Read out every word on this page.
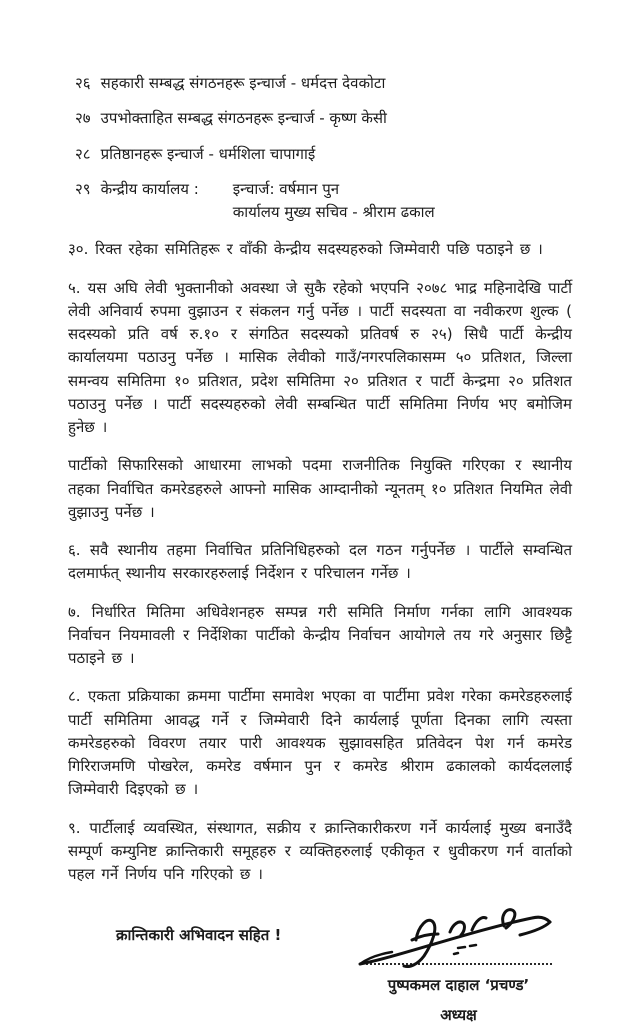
२६ सहकारी सम्बद्ध संगठनहरू इन्चार्ज - धर्मदत्त देवकोटा
२७ उपभोक्ताहित सम्बद्ध संगठनहरू इन्चार्ज - कृष्ण केसी
२८ प्रतिष्ठानहरू इन्चार्ज - धर्मशिला चापागाई
२९ केन्द्रीय कार्यालय : इन्चार्ज: वर्षमान पुन
कार्यालय मुख्य सचिव - श्रीराम ढकाल

३०. रिक्त रहेका समितिहरू र वाँकी केन्द्रीय सदस्यहरुको जिम्मेवारी पछि पठाइने छ ।

५. यस अघि लेवी भुक्तानीको अवस्था जे सुकै रहेको भएपनि २०७८ भाद्र महिनादेखि पार्टी लेवी अनिवार्य रुपमा वुझाउन र संकलन गर्नु पर्नेछ । पार्टी सदस्यता वा नवीकरण शुल्क ( सदस्यको प्रति वर्ष रु.१० र संगठित सदस्यको प्रतिवर्ष रु २५) सिधै पार्टी केन्द्रीय कार्यालयमा पठाउनु पर्नेछ । मासिक लेवीको गाउँ/नगरपलिकासम्म ५० प्रतिशत, जिल्ला समन्वय समितिमा १० प्रतिशत, प्रदेश समितिमा २० प्रतिशत र पार्टी केन्द्रमा २० प्रतिशत पठाउनु पर्नेछ । पार्टी सदस्यहरुको लेवी सम्बन्धित पार्टी समितिमा निर्णय भए बमोजिम हुनेछ ।

पार्टीको सिफारिसको आधारमा लाभको पदमा राजनीतिक नियुक्ति गरिएका र स्थानीय तहका निर्वाचित कमरेडहरुले आफ्नो मासिक आम्दानीको न्यूनतम् १० प्रतिशत नियमित लेवी वुझाउनु पर्नेछ ।

६. सवै स्थानीय तहमा निर्वाचित प्रतिनिधिहरुको दल गठन गर्नुपर्नेछ । पार्टीले सम्वन्धित दलमार्फत् स्थानीय सरकारहरुलाई निर्देशन र परिचालन गर्नेछ ।

७. निर्धारित मितिमा अधिवेशनहरु सम्पन्न गरी समिति निर्माण गर्नका लागि आवश्यक निर्वाचन नियमावली र निर्देशिका पार्टीको केन्द्रीय निर्वाचन आयोगले तय गरे अनुसार छिट्टै पठाइने छ ।

८. एकता प्रक्रियाका क्रममा पार्टीमा समावेश भएका वा पार्टीमा प्रवेश गरेका कमरेडहरुलाई पार्टी समितिमा आवद्ध गर्ने र जिम्मेवारी दिने कार्यलाई पूर्णता दिनका लागि त्यस्ता कमरेडहरुको विवरण तयार पारी आवश्यक सुझावसहित प्रतिवेदन पेश गर्न कमरेड गिरिराजमणि पोखरेल, कमरेड वर्षमान पुन र कमरेड श्रीराम ढकालको कार्यदललाई जिम्मेवारी दिइएको छ ।

९. पार्टीलाई व्यवस्थित, संस्थागत, सक्रीय र क्रान्तिकारीकरण गर्ने कार्यलाई मुख्य बनाउँदै सम्पूर्ण कम्युनिष्ट क्रान्तिकारी समूहहरु र व्यक्तिहरुलाई एकीकृत र धुवीकरण गर्न वार्ताको पहल गर्ने निर्णय पनि गरिएको छ ।

क्रान्तिकारी अभिवादन सहित !
पुष्पकमल दाहाल ‘प्रचण्ड’
अध्यक्ष
